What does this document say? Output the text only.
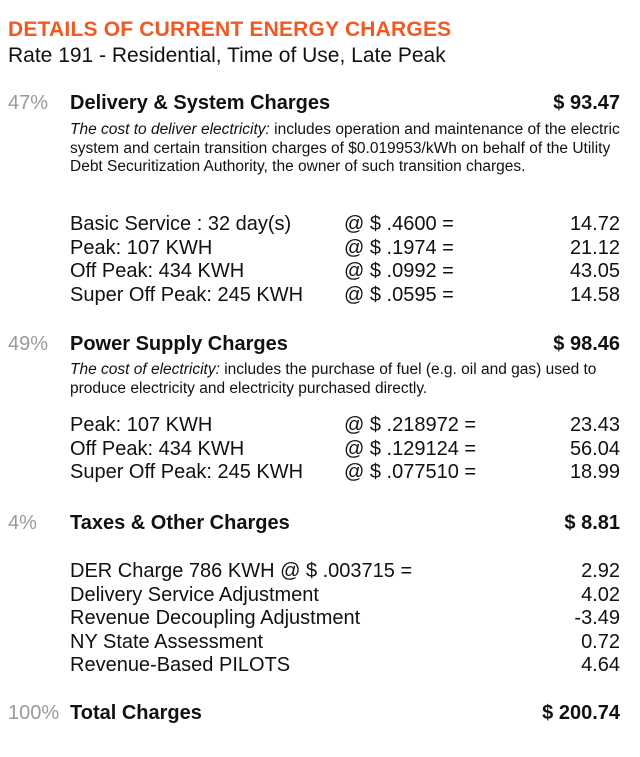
DETAILS OF CURRENT ENERGY CHARGES
Rate 191 - Residential, Time of Use, Late Peak
47% Delivery & System Charges	$ 93.47
The cost to deliver electricity: includes operation and maintenance of the electric system and certain transition charges of $0.019953/kWh on behalf of the Utility Debt Securitization Authority, the owner of such transition charges.
Basic Service : 32 day(s)	@ $ .4600 =	14.72
Peak: 107 KWH	@ $ .1974 =	21.12
Off Peak: 434 KWH	@ $ .0992 =	43.05
Super Off Peak: 245 KWH @ $ .0595 =	14.58
49% Power Supply Charges	$ 98.46
The cost of electricity: includes the purchase of fuel (e.g. oil and gas) used to produce electricity and electricity purchased directly.
Peak: 107 KWH	@ $ .218972 =	23.43
Off Peak: 434 KWH	@ $ .129124 =	56.04
Super Off Peak: 245 KWH @ $ .077510 =	18.99
4% Taxes & Other Charges	$ 8.81
DER Charge 786 KWH @ $ .003715 =	2.92
Delivery Service Adjustment	4.02
Revenue Decoupling Adjustment	-3.49
NY State Assessment	0.72
Revenue-Based PILOTS	4.64
100% Total Charges	$ 200.74
